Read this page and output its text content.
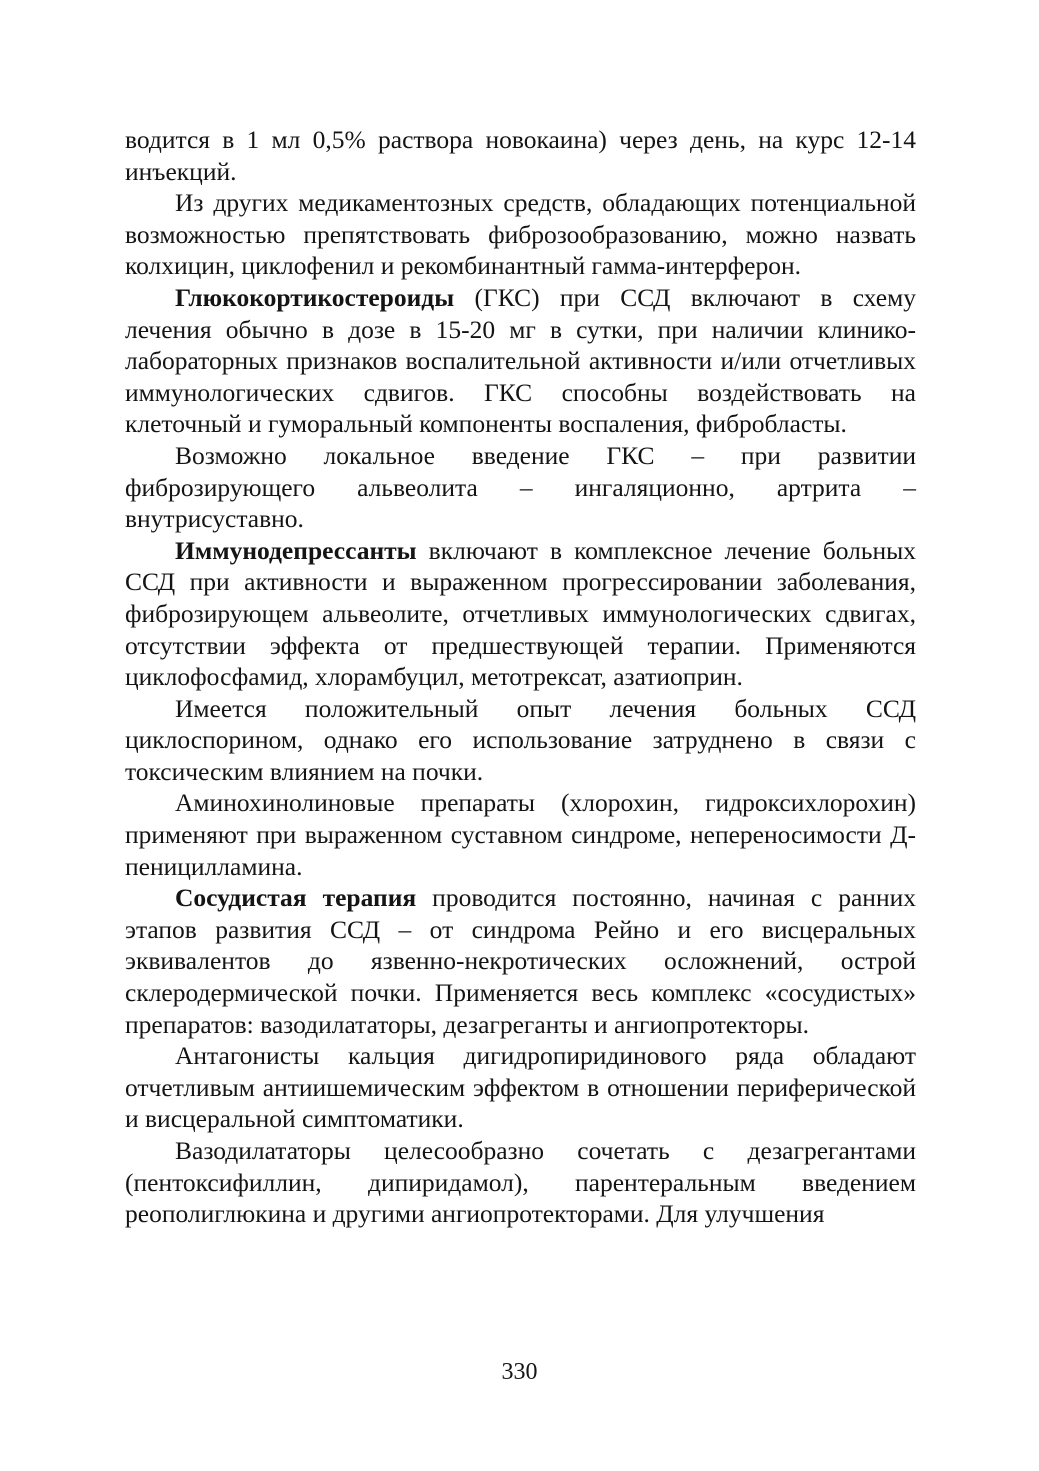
водится в 1 мл 0,5% раствора новокаина) через день, на курс 12-14 инъекций.

Из других медикаментозных средств, обладающих потенциальной возможностью препятствовать фиброзообразованию, можно назвать колхицин, циклофенил и рекомбинантный гамма-интерферон.

Глюкокортикостероиды (ГКС) при ССД включают в схему лечения обычно в дозе в 15-20 мг в сутки, при наличии клинико-лабораторных признаков воспалительной активности и/или отчетливых иммунологических сдвигов. ГКС способны воздействовать на клеточный и гуморальный компоненты воспаления, фибробласты.

Возможно локальное введение ГКС – при развитии фиброзирующего альвеолита – ингаляционно, артрита – внутрисуставно.

Иммунодепрессанты включают в комплексное лечение больных ССД при активности и выраженном прогрессировании заболевания, фиброзирующем альвеолите, отчетливых иммунологических сдвигах, отсутствии эффекта от предшествующей терапии. Применяются циклофосфамид, хлорамбуцил, метотрексат, азатиоприн.

Имеется положительный опыт лечения больных ССД циклоспорином, однако его использование затруднено в связи с токсическим влиянием на почки.

Аминохинолиновые препараты (хлорохин, гидроксихлорохин) применяют при выраженном суставном синдроме, непереносимости Д-пеницилламина.

Сосудистая терапия проводится постоянно, начиная с ранних этапов развития ССД – от синдрома Рейно и его висцеральных эквивалентов до язвенно-некротических осложнений, острой склеродермической почки. Применяется весь комплекс «сосудистых» препаратов: вазодилататоры, дезагреганты и ангиопротекторы.

Антагонисты кальция дигидропиридинового ряда обладают отчетливым антиишемическим эффектом в отношении периферической и висцеральной симптоматики.

Вазодилататоры целесообразно сочетать с дезагрегантами (пентоксифиллин, дипиридамол), парентеральным введением реополиглюкина и другими ангиопротекторами. Для улучшения

330
